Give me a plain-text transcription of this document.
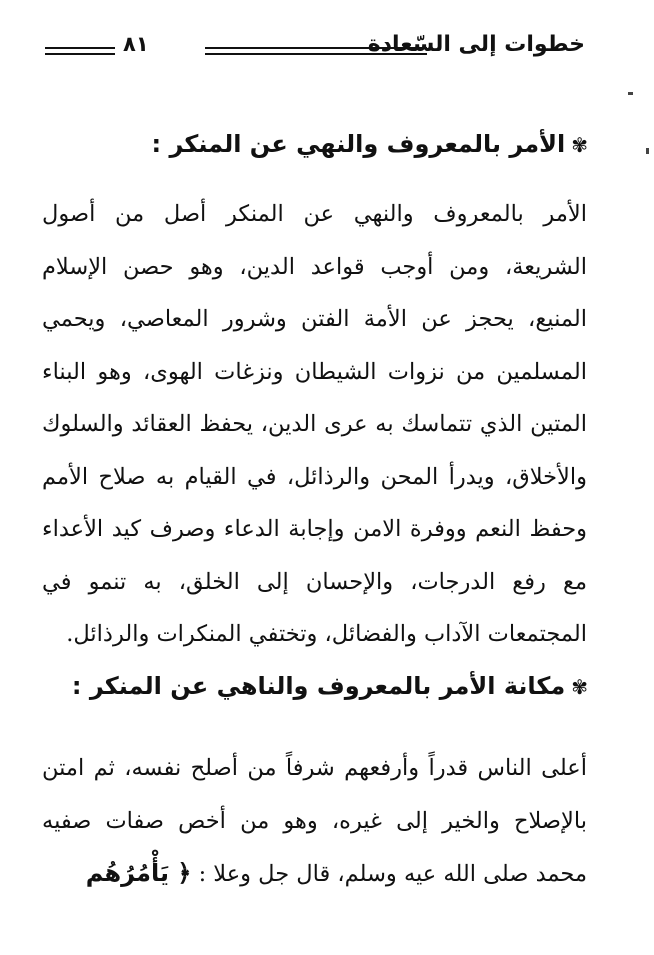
خطوات إلى السّعادة
٨١
✾الأمر بالمعروف والنهي عن المنكر :
الأمر بالمعروف والنهي عن المنكر أصل من أصول
الشريعة، ومن أوجب قواعد الدين، وهو حصن الإسلام
المنيع، يحجز عن الأمة الفتن وشرور المعاصي، ويحمي
المسلمين من نزوات الشيطان ونزغات الهوى، وهو البناء
المتين الذي تتماسك به عرى الدين، يحفظ العقائد والسلوك
والأخلاق، ويدرأ المحن والرذائل، في القيام به صلاح الأمم
وحفظ النعم ووفرة الامن وإجابة الدعاء وصرف كيد الأعداء
مع رفع الدرجات، والإحسان إلى الخلق، به تنمو في
المجتمعات الآداب والفضائل، وتختفي المنكرات والرذائل.
✾مكانة الأمر بالمعروف والناهي عن المنكر :
أعلى الناس قدراً وأرفعهم شرفاً من أصلح نفسه، ثم امتن
بالإصلاح والخير إلى غيره، وهو من أخص صفات صفيه
محمد صلى الله عيه وسلم، قال جل وعلا : ﴿ يَأْمُرُهُم
